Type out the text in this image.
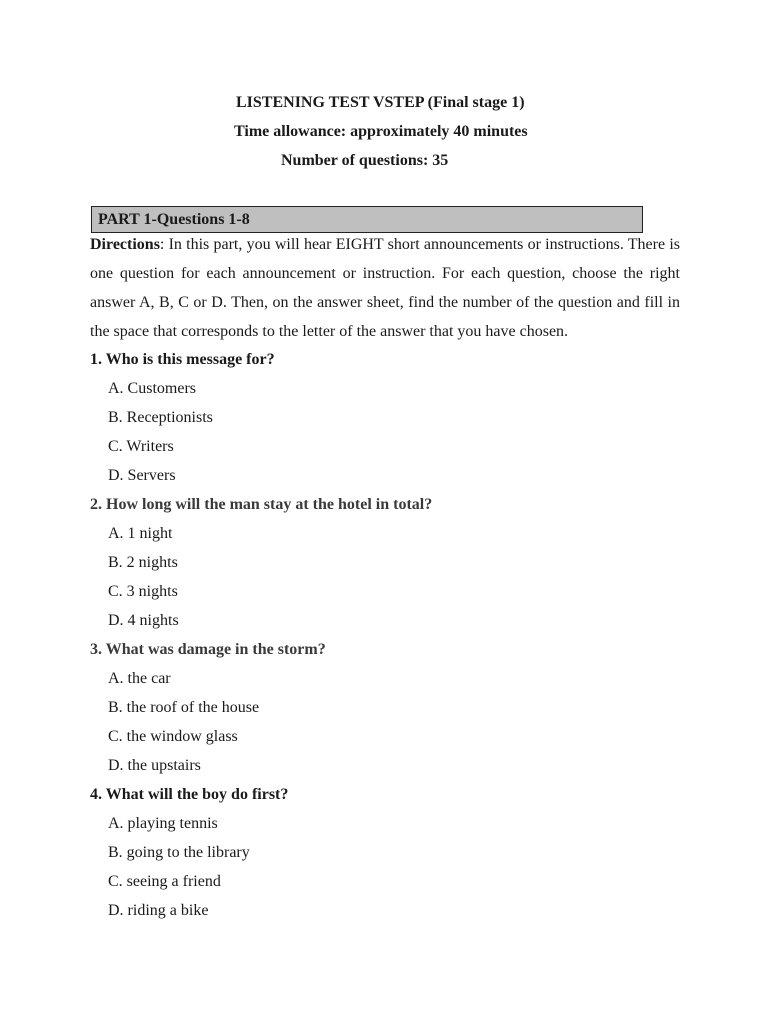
LISTENING TEST VSTEP (Final stage 1)
Time allowance: approximately 40 minutes
Number of questions: 35
PART 1-Questions 1-8
Directions: In this part, you will hear EIGHT short announcements or instructions. There is one question for each announcement or instruction. For each question, choose the right answer A, B, C or D. Then, on the answer sheet, find the number of the question and fill in the space that corresponds to the letter of the answer that you have chosen.
1. Who is this message for?
A. Customers
B. Receptionists
C. Writers
D. Servers
2. How long will the man stay at the hotel in total?
A. 1 night
B. 2 nights
C. 3 nights
D. 4 nights
3. What was damage in the storm?
A. the car
B. the roof of the house
C. the window glass
D. the upstairs
4. What will the boy do first?
A. playing tennis
B. going to the library
C. seeing a friend
D. riding a bike
